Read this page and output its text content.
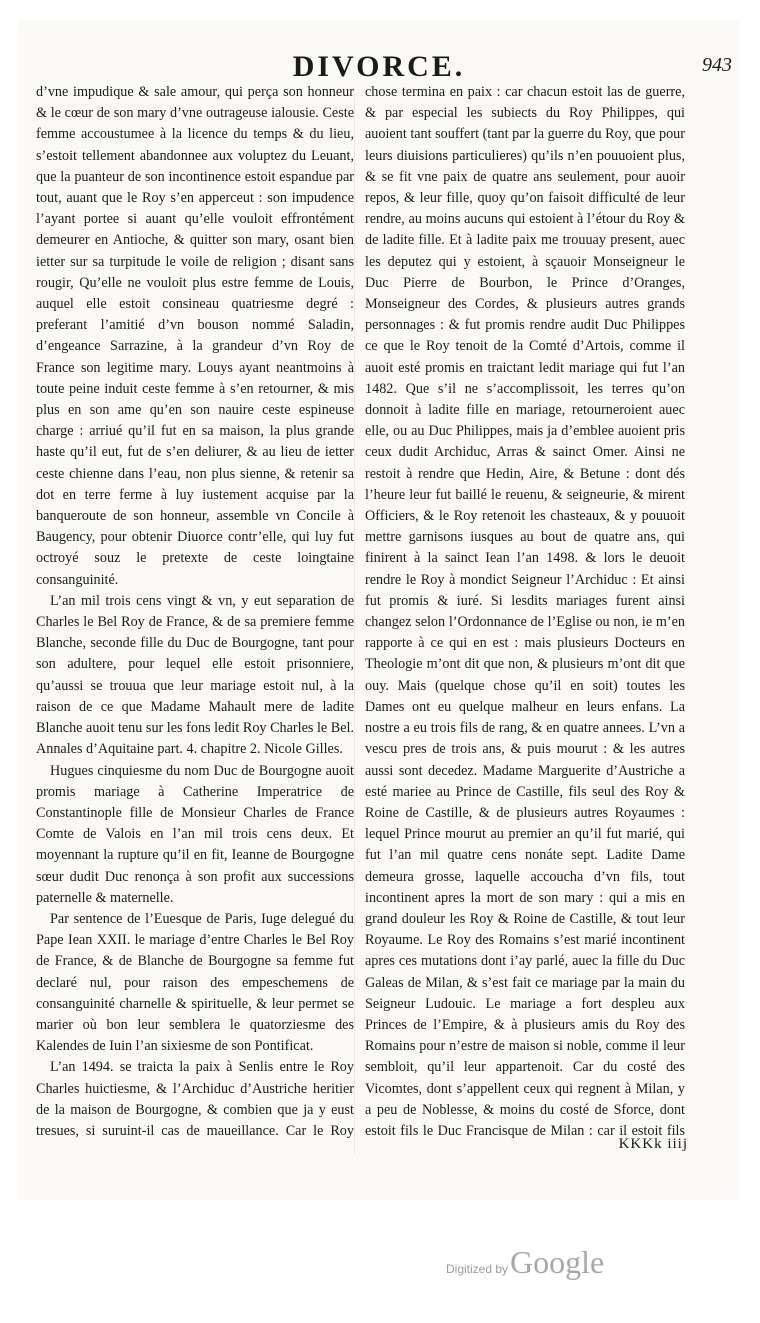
DIVORCE.	943

d’vne impudique & sale amour, qui perça son honneur & le cœur de son mary d’vne outrageuse ialousie. Ceste femme accoustumee à la licence du temps & du lieu, s’estoit tellement abandonnee aux voluptez du Leuant, que la puanteur de son incontinence estoit espandue par tout, auant que le Roy s’en apperceut : son impudence l’ayant portee si auant qu’elle vouloit effrontément demeurer en Antioche, & quitter son mary, osant bien ietter sur sa turpitude le voile de religion ; disant sans rougir, Qu’elle ne vouloit plus estre femme de Louis, auquel elle estoit consineau quatriesme degré : preferant l’amitié d’vn bouson nommé Saladin, d’engeance Sarrazine, à la grandeur d’vn Roy de France son legitime mary. Louys ayant neantmoins à toute peine induit ceste femme à s’en retourner, & mis plus en son ame qu’en son nauire ceste espineuse charge : arriué qu’il fut en sa maison, la plus grande haste qu’il eut, fut de s’en deliurer, & au lieu de ietter ceste chienne dans l’eau, non plus sienne, & retenir sa dot en terre ferme à luy iustement acquise par la banqueroute de son honneur, assemble vn Concile à Baugency, pour obtenir Diuorce contr’elle, qui luy fut octroyé souz le pretexte de ceste loingtaine consanguinité.

L’an mil trois cens vingt & vn, y eut separation de Charles le Bel Roy de France, & de sa premiere femme Blanche, seconde fille du Duc de Bourgogne, tant pour son adultere, pour lequel elle estoit prisonniere, qu’aussi se trouua que leur mariage estoit nul, à la raison de ce que Madame Mahault mere de ladite Blanche auoit tenu sur les fons ledit Roy Charles le Bel. Annales d’Aquitaine part. 4. chapitre 2. Nicole Gilles.

Hugues cinquiesme du nom Duc de Bourgogne auoit promis mariage à Catherine Imperatrice de Constantinople fille de Monsieur Charles de France Comte de Valois en l’an mil trois cens deux. Et moyennant la rupture qu’il en fit, Ieanne de Bourgogne sœur dudit Duc renonça à son profit aux successions paternelle & maternelle.

Par sentence de l’Euesque de Paris, Iuge delegué du Pape Iean XXII. le mariage d’entre Charles le Bel Roy de France, & de Blanche de Bourgogne sa femme fut declaré nul, pour raison des empeschemens de consanguinité charnelle & spirituelle, & leur permet se marier où bon leur semblera le quatorziesme des Kalendes de Iuin l’an sixiesme de son Pontificat.

L’an 1494. se traicta la paix à Senlis entre le Roy Charles huictiesme, & l’Archiduc d’Austriche heritier de la maison de Bourgogne, & combien que ja y eust tresues, si suruint-il cas de maueillance. Car le Roy

chose termina en paix : car chacun estoit las de guerre, & par especial les subiects du Roy Philippes, qui auoient tant souffert (tant par la guerre du Roy, que pour leurs diuisions particulieres) qu’ils n’en pouuoient plus, & se fit vne paix de quatre ans seulement, pour auoir repos, & leur fille, quoy qu’on faisoit difficulté de leur rendre, au moins aucuns qui estoient à l’étour du Roy & de ladite fille. Et à ladite paix me trouuay present, auec les deputez qui y estoient, à sçauoir Monseigneur le Duc Pierre de Bourbon, le Prince d’Oranges, Monseigneur des Cordes, & plusieurs autres grands personnages : & fut promis rendre audit Duc Philippes ce que le Roy tenoit de la Comté d’Artois, comme il auoit esté promis en traictant ledit mariage qui fut l’an 1482. Que s’il ne s’accomplissoit, les terres qu’on donnoit à ladite fille en mariage, retourneroient auec elle, ou au Duc Philippes, mais ja d’emblee auoient pris ceux dudit Archiduc, Arras & sainct Omer. Ainsi ne restoit à rendre que Hedin, Aire, & Betune : dont dés l’heure leur fut baillé le reuenu, & seigneurie, & mirent Officiers, & le Roy retenoit les chasteaux, & y pouuoit mettre garnisons iusques au bout de quatre ans, qui finirent à la sainct Iean l’an 1498. & lors le deuoit rendre le Roy à mondict Seigneur l’Archiduc : Et ainsi fut promis & iuré. Si lesdits mariages furent ainsi changez selon l’Ordonnance de l’Eglise ou non, ie m’en rapporte à ce qui en est : mais plusieurs Docteurs en Theologie m’ont dit que non, & plusieurs m’ont dit que ouy. Mais (quelque chose qu’il en soit) toutes les Dames ont eu quelque malheur en leurs enfans. La nostre a eu trois fils de rang, & en quatre annees. L’vn a vescu pres de trois ans, & puis mourut : & les autres aussi sont decedez. Madame Marguerite d’Austriche a esté mariee au Prince de Castille, fils seul des Roy & Roine de Castille, & de plusieurs autres Royaumes : lequel Prince mourut au premier an qu’il fut marié, qui fut l’an mil quatre cens nonáte sept. Ladite Dame demeura grosse, laquelle accoucha d’vn fils, tout incontinent apres la mort de son mary : qui a mis en grand douleur les Roy & Roine de Castille, & tout leur Royaume. Le Roy des Romains s’est marié incontinent apres ces mutations dont i’ay parlé, auec la fille du Duc Galeas de Milan, & s’est fait ce mariage par la main du Seigneur Ludouic. Le mariage a fort despleu aux Princes de l’Empire, & à plusieurs amis du Roy des Romains pour n’estre de maison si noble, comme il leur sembloit, qu’il leur appartenoit. Car du costé des Vicomtes, dont s’appellent ceux qui regnent à Milan, y a peu de Noblesse, & moins du costé de Sforce, dont estoit fils le Duc Francisque de Milan : car il estoit fils

KKKk iiij
Digitized by Google
